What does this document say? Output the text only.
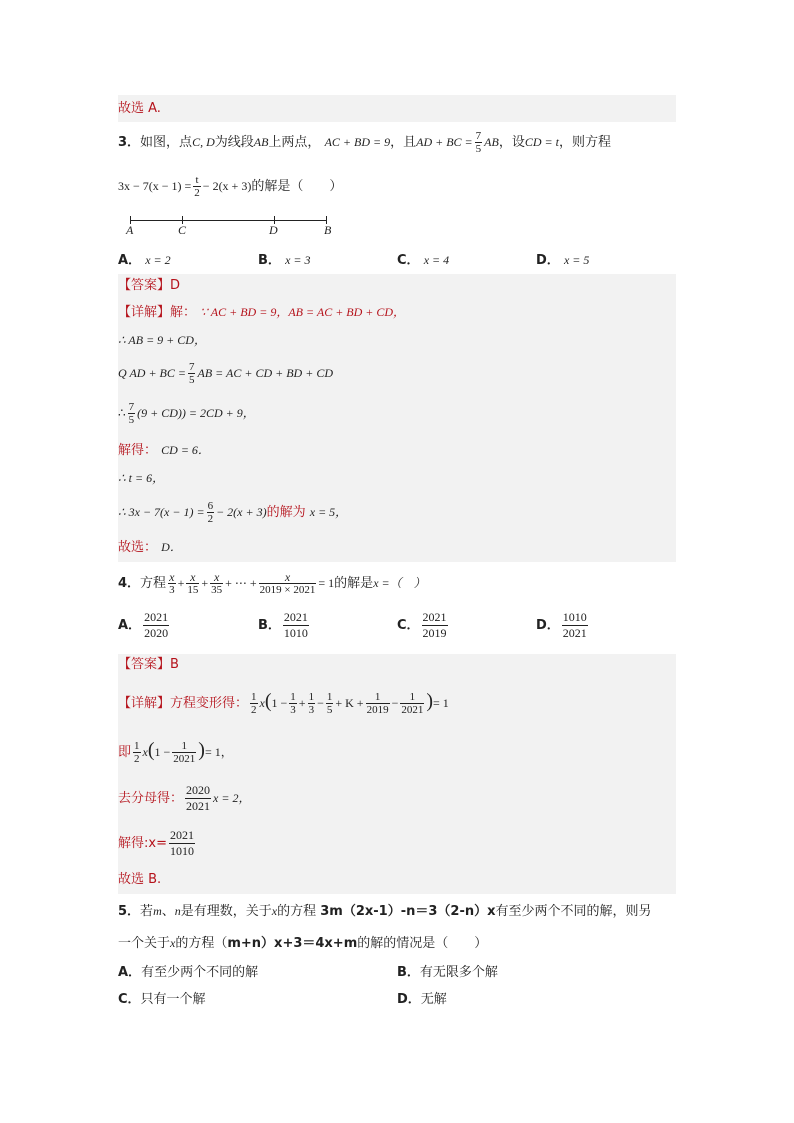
故选 A.
3．如图，点C, D为线段AB上两点， AC + BD = 9，且AD + BC = $\frac{7}{5}$ AB，设CD = t，则方程
$3x - 7(x - 1) = \frac{t}{2} - 2(x + 3)$的解是（　　）
A	C	D	B
A． x = 2	B． x = 3	C． x = 4	D． x = 5
【答案】D
【详解】解： ∵ AC + BD = 9，AB = AC + BD + CD，
∴ AB = 9 + CD，
Q AD + BC = $\frac{7}{5}$ AB = AC + CD + BD + CD
∴ $\frac{7}{5} (9 + CD)) = 2CD + 9$，
解得： CD = 6．
∴ t = 6，
∴ $3x - 7(x - 1) = \frac{6}{2} - 2(x + 3)$的解为 x = 5，
故选： D．
4．方程 $\frac{x}{3} + \frac{x}{15} + \frac{x}{35}$ + ⋯ + $\frac{x}{2019 \times 2021} = 1$的解是x =（　）
A． $\frac{2021}{2020}$	B． $\frac{2021}{1010}$	C． $\frac{2021}{2019}$	D． $\frac{1010}{2021}$
【答案】B
【详解】方程变形得： $\frac{1}{2} x(1 - \frac{1}{3} + \frac{1}{3} - \frac{1}{5} + K + \frac{1}{2019} - \frac{1}{2021}$ )= 1
即 $\frac{1}{2} x(1 - \frac{1}{2021}$ )= 1，
去分母得： $\frac{2020}{2021}$ x = 2，
解得:x= $\frac{2021}{1010}$
故选 B.
5．若m、n是有理数，关于x的方程 3m（2x-1）-n＝3（2-n）x有至少两个不同的解，则另
一个关于x的方程（m+n）x+3＝4x+m的解的情况是（　　）
A．有至少两个不同的解	B．有无限多个解
C．只有一个解	D．无解
